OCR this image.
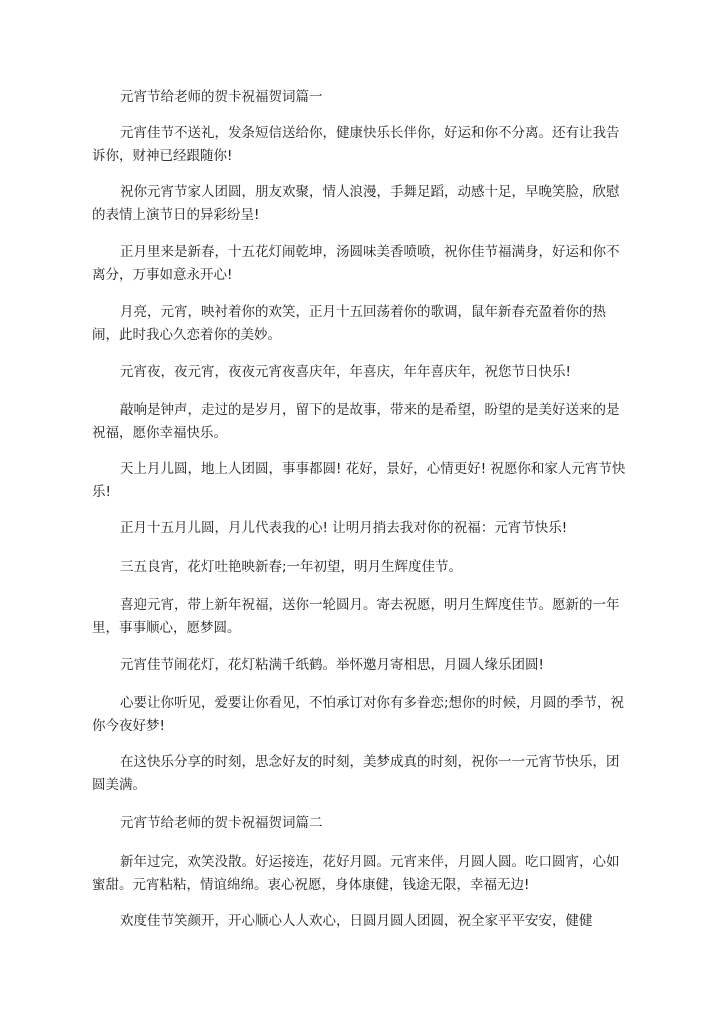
元宵节给老师的贺卡祝福贺词篇一

元宵佳节不送礼，发条短信送给你，健康快乐长伴你，好运和你不分离。还有让我告诉你，财神已经跟随你!

祝你元宵节家人团圆，朋友欢聚，情人浪漫，手舞足蹈，动感十足，早晚笑脸，欣慰的表情上演节日的异彩纷呈!

正月里来是新春，十五花灯闹乾坤，汤圆味美香喷喷，祝你佳节福满身，好运和你不离分，万事如意永开心!

月亮，元宵，映衬着你的欢笑，正月十五回荡着你的歌调，鼠年新春充盈着你的热闹，此时我心久恋着你的美妙。

元宵夜，夜元宵，夜夜元宵夜喜庆年，年喜庆，年年喜庆年，祝您节日快乐!

敲响是钟声，走过的是岁月，留下的是故事，带来的是希望，盼望的是美好送来的是祝福，愿你幸福快乐。

天上月儿圆，地上人团圆，事事都圆! 花好，景好，心情更好! 祝愿你和家人元宵节快乐!

正月十五月儿圆，月儿代表我的心! 让明月捎去我对你的祝福：元宵节快乐!

三五良宵，花灯吐艳映新春;一年初望，明月生辉度佳节。

喜迎元宵，带上新年祝福，送你一轮圆月。寄去祝愿，明月生辉度佳节。愿新的一年里，事事顺心，愿梦圆。

元宵佳节闹花灯，花灯粘满千纸鹤。举怀邀月寄相思，月圆人缘乐团圆!

心要让你听见，爱要让你看见，不怕承订对你有多眷恋;想你的时候，月圆的季节，祝你今夜好梦!

在这快乐分享的时刻，思念好友的时刻，美梦成真的时刻，祝你一一元宵节快乐，团圆美满。

元宵节给老师的贺卡祝福贺词篇二

新年过完，欢笑没散。好运接连，花好月圆。元宵来伴，月圆人圆。吃口圆宵，心如蜜甜。元宵粘粘，情谊绵绵。衷心祝愿，身体康健，钱途无限，幸福无边!

欢度佳节笑颜开，开心顺心人人欢心，日圆月圆人团圆，祝全家平平安安，健健
